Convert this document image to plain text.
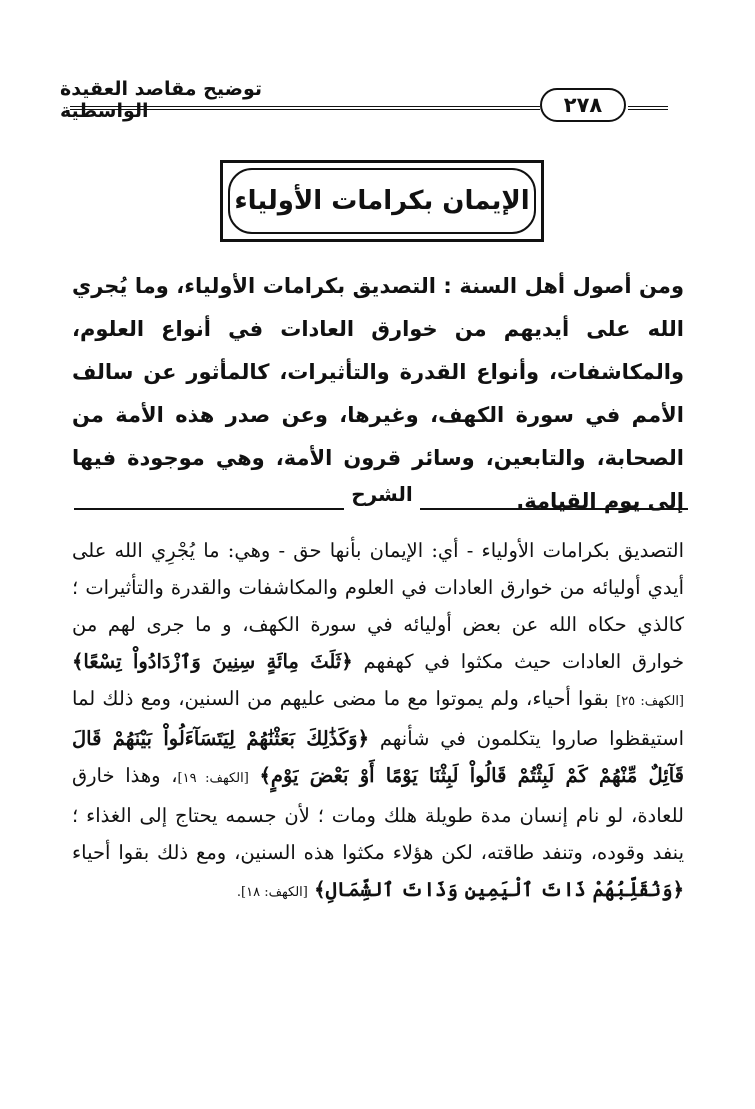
توضيح مقاصد العقيدة الواسطية	٢٧٨
الإيمان بكرامات الأولياء

ومن أصول أهل السنة : التصديق بكرامات الأولياء، وما يُجري الله على أيديهم من خوارق العادات في أنواع العلوم، والمكاشفات، وأنواع القدرة والتأثيرات، كالمأثور عن سالف الأمم في سورة الكهف، وغيرها، وعن صدر هذه الأمة من الصحابة، والتابعين، وسائر قرون الأمة، وهي موجودة فيها إلى يوم القيامة.

الشرح

التصديق بكرامات الأولياء - أي: الإيمان بأنها حق - وهي: ما يُجْرِي الله على أيدي أوليائه من خوارق العادات في العلوم والمكاشفات والقدرة والتأثيرات ؛ كالذي حكاه الله عن بعض أوليائه في سورة الكهف، و ما جرى لهم من خوارق العادات حيث مكثوا في كهفهم ﴿ثَلَثَ مِائَةٍ سِنِينَ وَٱزْدَادُواْ تِسْعًا﴾ [الكهف: ٢٥] بقوا أحياء، ولم يموتوا مع ما مضى عليهم من السنين، ومع ذلك لما استيقظوا صاروا يتكلمون في شأنهم ﴿وَكَذَٰلِكَ بَعَثْنَٰهُمْ لِيَتَسَآءَلُواْ بَيْنَهُمْ قَالَ قَآئِلٌ مِّنْهُمْ كَمْ لَبِثْتُمْ قَالُواْ لَبِثْنَا يَوْمًا أَوْ بَعْضَ يَوْمٍ﴾ [الكهف: ١٩]، وهذا خارق للعادة، لو نام إنسان مدة طويلة هلك ومات ؛ لأن جسمه يحتاج إلى الغذاء ؛ ينفد وقوده، وتنفد طاقته، لكن هؤلاء مكثوا هذه السنين، ومع ذلك بقوا أحياء ﴿وَنُقَلِّبُهُمْ ذَاتَ ٱلْيَمِينِ وَذَاتَ ٱلشِّمَالِ﴾ [الكهف: ١٨].
